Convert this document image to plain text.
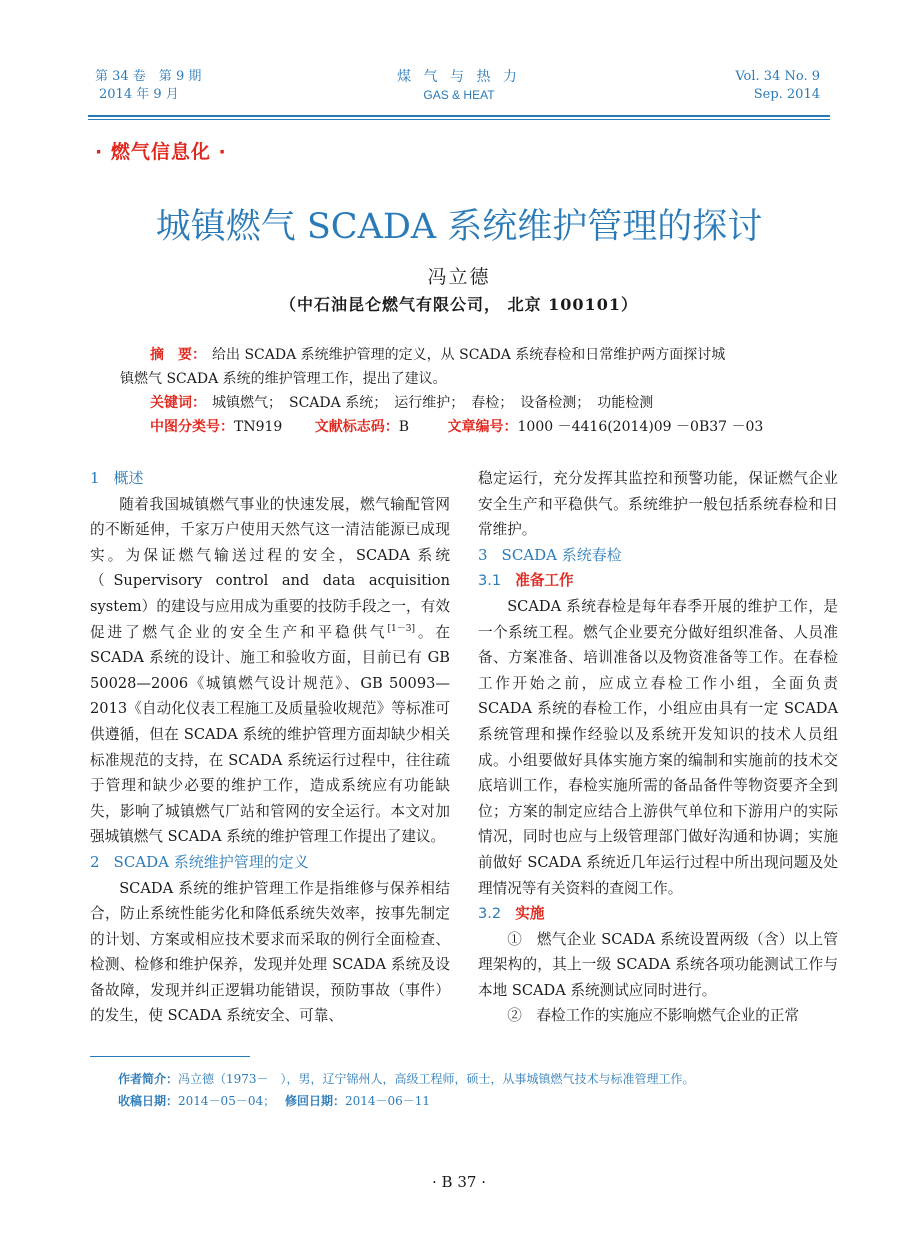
第 34 卷　第 9 期
2014 年 9 月
煤 气 与 热 力
GAS & HEAT
Vol. 34 No. 9
Sep. 2014
· 燃气信息化 ·
城镇燃气 SCADA 系统维护管理的探讨
冯立德
（中石油昆仑燃气有限公司， 北京 100101）
摘　要： 给出 SCADA 系统维护管理的定义，从 SCADA 系统春检和日常维护两方面探讨城
镇燃气 SCADA 系统的维护管理工作，提出了建议。
关键词： 城镇燃气；　SCADA 系统；　运行维护；　春检；　设备检测；　功能检测
中图分类号：TN919 文献标志码：B	文章编号：1000 －4416(2014)09 －0B37 －03
1 概述

随着我国城镇燃气事业的快速发展，燃气输配管网的不断延伸，千家万户使用天然气这一清洁能源已成现实。为保证燃气输送过程的安全，SCADA 系统（Supervisory control and data acquisition system）的建设与应用成为重要的技防手段之一，有效促进了燃气企业的安全生产和平稳供气[1－3]。在 SCADA 系统的设计、施工和验收方面，目前已有 GB 50028—2006《城镇燃气设计规范》、GB 50093—2013《自动化仪表工程施工及质量验收规范》等标准可供遵循，但在 SCADA 系统的维护管理方面却缺少相关标准规范的支持，在 SCADA 系统运行过程中，往往疏于管理和缺少必要的维护工作，造成系统应有功能缺失，影响了城镇燃气厂站和管网的安全运行。本文对加强城镇燃气 SCADA 系统的维护管理工作提出了建议。

2 SCADA 系统维护管理的定义

SCADA 系统的维护管理工作是指维修与保养相结合，防止系统性能劣化和降低系统失效率，按事先制定的计划、方案或相应技术要求而采取的例行全面检查、检测、检修和维护保养，发现并处理 SCADA 系统及设备故障，发现并纠正逻辑功能错误，预防事故（事件）的发生，使 SCADA 系统安全、可靠、

稳定运行，充分发挥其监控和预警功能，保证燃气企业安全生产和平稳供气。系统维护一般包括系统春检和日常维护。

3 SCADA 系统春检
3.1 准备工作

SCADA 系统春检是每年春季开展的维护工作，是一个系统工程。燃气企业要充分做好组织准备、人员准备、方案准备、培训准备以及物资准备等工作。在春检工作开始之前，应成立春检工作小组，全面负责 SCADA 系统的春检工作，小组应由具有一定 SCADA 系统管理和操作经验以及系统开发知识的技术人员组成。小组要做好具体实施方案的编制和实施前的技术交底培训工作，春检实施所需的备品备件等物资要齐全到位；方案的制定应结合上游供气单位和下游用户的实际情况，同时也应与上级管理部门做好沟通和协调；实施前做好 SCADA 系统近几年运行过程中所出现问题及处理情况等有关资料的查阅工作。

3.2 实施

①　燃气企业 SCADA 系统设置两级（含）以上管理架构的，其上一级 SCADA 系统各项功能测试工作与本地 SCADA 系统测试应同时进行。

②　春检工作的实施应不影响燃气企业的正常

作者简介：冯立德（1973－　），男，辽宁锦州人，高级工程师，硕士，从事城镇燃气技术与标准管理工作。
收稿日期：2014－05－04； 修回日期：2014－06－11
· B 37 ·
